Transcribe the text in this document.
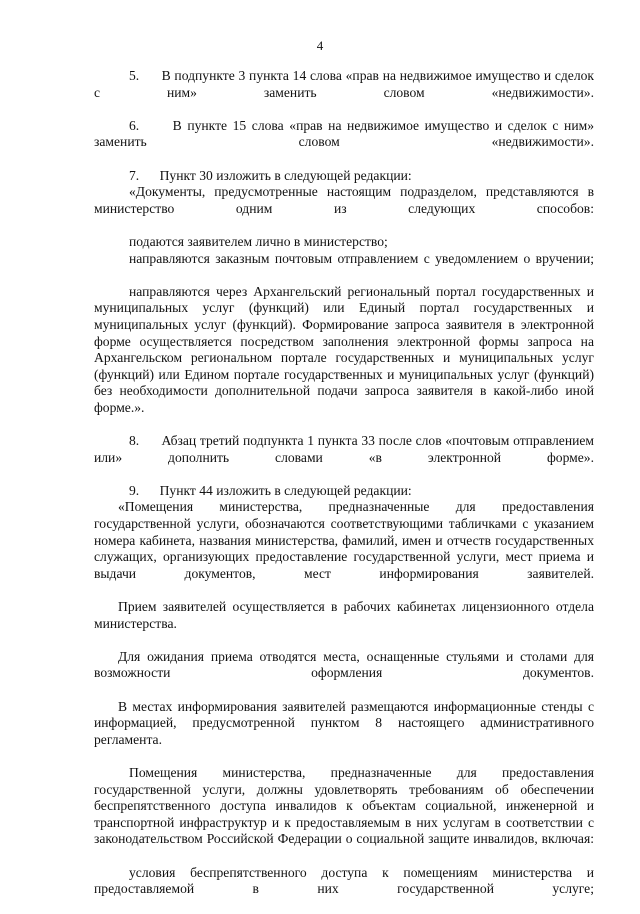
4

5. В подпункте 3 пункта 14 слова «прав на недвижимое имущество и сделок с ним» заменить словом «недвижимости».

6. В пункте 15 слова «прав на недвижимое имущество и сделок с ним» заменить словом «недвижимости».

7. Пункт 30 изложить в следующей редакции:

«Документы, предусмотренные настоящим подразделом, представляются в министерство одним из следующих способов:

подаются заявителем лично в министерство;

направляются заказным почтовым отправлением с уведомлением о вручении;

направляются через Архангельский региональный портал государственных и муниципальных услуг (функций) или Единый портал государственных и муниципальных услуг (функций). Формирование запроса заявителя в электронной форме осуществляется посредством заполнения электронной формы запроса на Архангельском региональном портале государственных и муниципальных услуг (функций) или Едином портале государственных и муниципальных услуг (функций) без необходимости дополнительной подачи запроса заявителя в какой-либо иной форме.».

8. Абзац третий подпункта 1 пункта 33 после слов «почтовым отправлением или» дополнить словами «в электронной форме».

9. Пункт 44 изложить в следующей редакции:

«Помещения министерства, предназначенные для предоставления государственной услуги, обозначаются соответствующими табличками с указанием номера кабинета, названия министерства, фамилий, имен и отчеств государственных служащих, организующих предоставление государственной услуги, мест приема и выдачи документов, мест информирования заявителей.

Прием заявителей осуществляется в рабочих кабинетах лицензионного отдела министерства.

Для ожидания приема отводятся места, оснащенные стульями и столами для возможности оформления документов.

В местах информирования заявителей размещаются информационные стенды с информацией, предусмотренной пунктом 8 настоящего административного регламента.

Помещения министерства, предназначенные для предоставления государственной услуги, должны удовлетворять требованиям об обеспечении беспрепятственного доступа инвалидов к объектам социальной, инженерной и транспортной инфраструктур и к предоставляемым в них услугам в соответствии с законодательством Российской Федерации о социальной защите инвалидов, включая:

условия беспрепятственного доступа к помещениям министерства и предоставляемой в них государственной услуге;
